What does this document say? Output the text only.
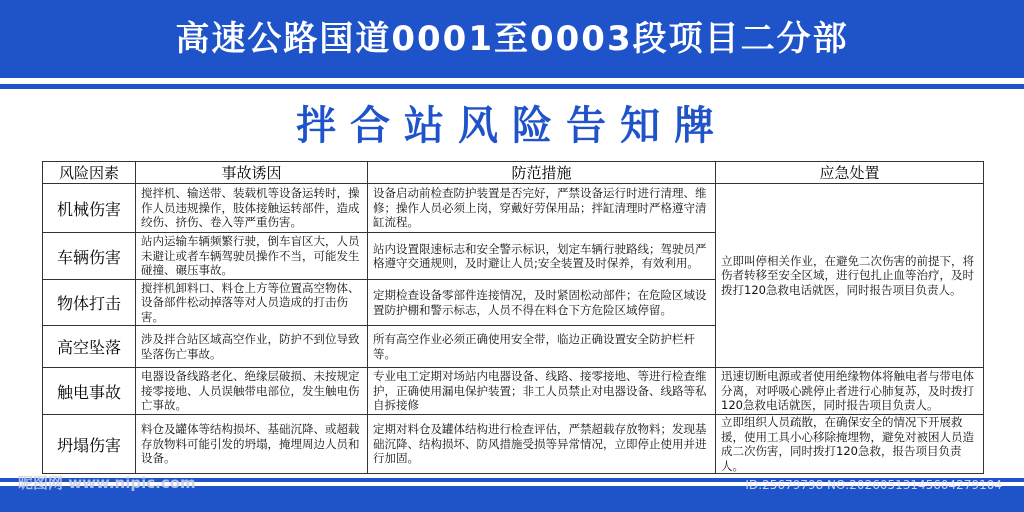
高速公路国道0001至0003段项目二分部
拌合站风险告知牌
风险因素	事故诱因	防范措施	应急处置
机械伤害	搅拌机、输送带、装载机等设备运转时，操作人员违规操作，肢体接触运转部件，造成绞伤、挤伤、卷入等严重伤害。	设备启动前检查防护装置是否完好，严禁设备运行时进行清理、维修；操作人员必须上岗，穿戴好劳保用品；拌缸清理时严格遵守清缸流程。	立即叫停相关作业，在避免二次伤害的前提下，将伤者转移至安全区域，进行包扎止血等治疗，及时拨打120急救电话就医，同时报告项目负责人。
车辆伤害	站内运输车辆频繁行驶，倒车盲区大，人员未避让或者车辆驾驶员操作不当，可能发生碰撞、碾压事故。	站内设置限速标志和安全警示标识，划定车辆行驶路线；驾驶员严格遵守交通规则，及时避让人员;安全装置及时保养，有效利用。	
物体打击	搅拌机卸料口、料仓上方等位置高空物体、设备部件松动掉落等对人员造成的打击伤害。	定期检查设备零部件连接情况，及时紧固松动部件；在危险区域设置防护棚和警示标志，人员不得在料仓下方危险区域停留。	
高空坠落	涉及拌合站区域高空作业，防护不到位导致坠落伤亡事故。	所有高空作业必须正确使用安全带，临边正确设置安全防护栏杆等。	
触电事故	电器设备线路老化、绝缘层破损、未按规定接零接地、人员误触带电部位，发生触电伤亡事故。	专业电工定期对场站内电器设备、线路、接零接地、等进行检查维护，正确使用漏电保护装置；非工人员禁止对电器设备、线路等私自拆接修	迅速切断电源或者使用绝缘物体将触电者与带电体分离，对呼吸心跳停止者进行心肺复苏，及时拨打120急救电话就医，同时报告项目负责人。
坍塌伤害	料仓及罐体等结构损坏、基础沉降、或超载存放物料可能引发的坍塌，掩埋周边人员和设备。	定期对料仓及罐体结构进行检查评估，严禁超载存放物料；发现基础沉降、结构损坏、防风措施受损等异常情况，立即停止使用并进行加固。	立即组织人员疏散，在确保安全的情况下开展救援，使用工具小心移除掩埋物，避免对被困人员造成二次伤害，同时拨打120急救，报告项目负责人。
昵图网 www.nipic.com	ID:25679798 NO:20260513145604279104
